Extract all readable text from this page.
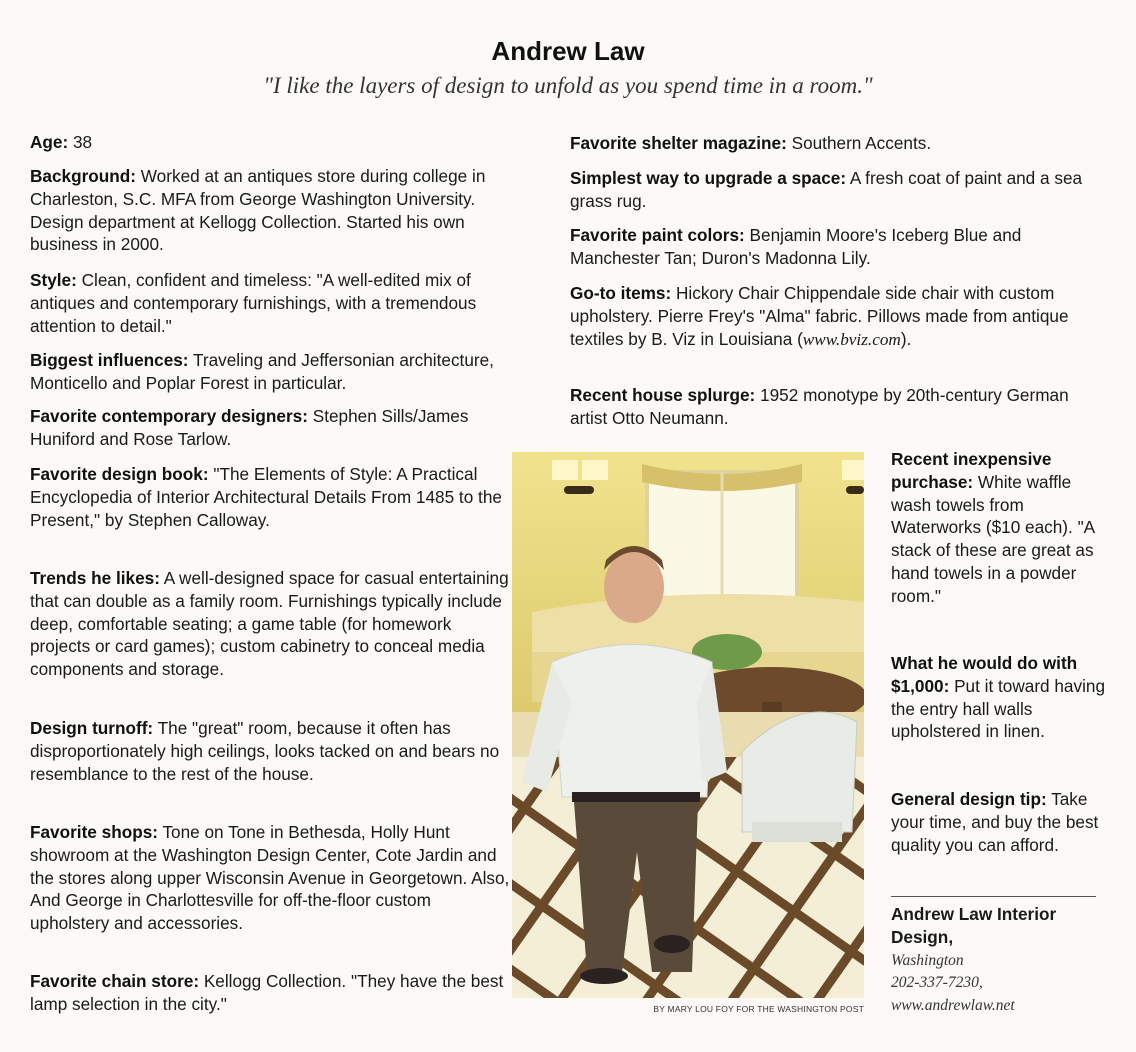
Andrew Law
"I like the layers of design to unfold as you spend time in a room."

Age: 38

Background: Worked at an antiques store during college in Charleston, S.C. MFA from George Washington University. Design department at Kellogg Collection. Started his own business in 2000.

Style: Clean, confident and timeless: "A well-edited mix of antiques and contemporary furnishings, with a tremendous attention to detail."

Biggest influences: Traveling and Jeffersonian architecture, Monticello and Poplar Forest in particular.

Favorite contemporary designers: Stephen Sills/James Huniford and Rose Tarlow.

Favorite design book: "The Elements of Style: A Practical Encyclopedia of Interior Architectural Details From 1485 to the Present," by Stephen Calloway.

Trends he likes: A well-designed space for casual entertaining that can double as a family room. Furnishings typically include deep, comfortable seating; a game table (for homework projects or card games); custom cabinetry to conceal media components and storage.

Design turnoff: The "great" room, because it often has disproportionately high ceilings, looks tacked on and bears no resemblance to the rest of the house.

Favorite shops: Tone on Tone in Bethesda, Holly Hunt showroom at the Washington Design Center, Cote Jardin and the stores along upper Wisconsin Avenue in Georgetown. Also, And George in Charlottesville for off-the-floor custom upholstery and accessories.

Favorite chain store: Kellogg Collection. "They have the best lamp selection in the city."

Favorite shelter magazine: Southern Accents.

Simplest way to upgrade a space: A fresh coat of paint and a sea grass rug.

Favorite paint colors: Benjamin Moore's Iceberg Blue and Manchester Tan; Duron's Madonna Lily.

Go-to items: Hickory Chair Chippendale side chair with custom upholstery. Pierre Frey's "Alma" fabric. Pillows made from antique textiles by B. Viz in Louisiana (www.bviz.com).

Recent house splurge: 1952 monotype by 20th-century German artist Otto Neumann.

BY MARY LOU FOY FOR THE WASHINGTON POST

Recent inexpensive purchase: White waffle wash towels from Waterworks ($10 each). "A stack of these are great as hand towels in a powder room."

What he would do with $1,000: Put it toward having the entry hall walls upholstered in linen.

General design tip: Take your time, and buy the best quality you can afford.

Andrew Law Interior Design,
Washington
202-337-7230,
www.andrewlaw.net
